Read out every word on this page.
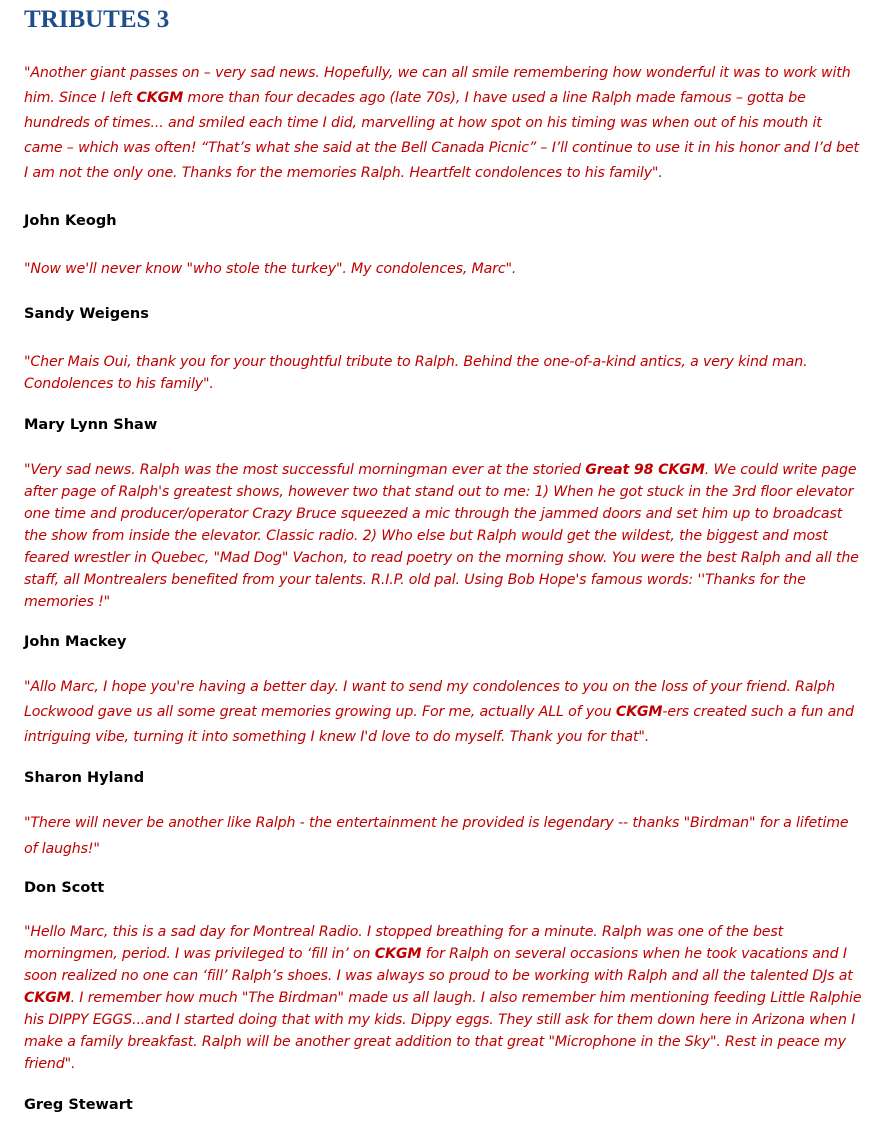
TRIBUTES 3

"Another giant passes on – very sad news. Hopefully, we can all smile remembering how wonderful it was to work with him. Since I left CKGM more than four decades ago (late 70s), I have used a line Ralph made famous – gotta be hundreds of times... and smiled each time I did, marvelling at how spot on his timing was when out of his mouth it came – which was often! “That’s what she said at the Bell Canada Picnic” – I’ll continue to use it in his honor and I’d bet I am not the only one. Thanks for the memories Ralph. Heartfelt condolences to his family".

John Keogh

"Now we'll never know "who stole the turkey". My condolences, Marc".

Sandy Weigens

"Cher Mais Oui, thank you for your thoughtful tribute to Ralph. Behind the one-of-a-kind antics, a very kind man. Condolences to his family".

Mary Lynn Shaw

"Very sad news. Ralph was the most successful morningman ever at the storied Great 98 CKGM. We could write page after page of Ralph's greatest shows, however two that stand out to me: 1) When he got stuck in the 3rd floor elevator one time and producer/operator Crazy Bruce squeezed a mic through the jammed doors and set him up to broadcast the show from inside the elevator. Classic radio. 2) Who else but Ralph would get the wildest, the biggest and most feared wrestler in Quebec, "Mad Dog" Vachon, to read poetry on the morning show. You were the best Ralph and all the staff, all Montrealers benefited from your talents. R.I.P. old pal. Using Bob Hope's famous words: ''Thanks for the memories !"

John Mackey

"Allo Marc, I hope you're having a better day. I want to send my condolences to you on the loss of your friend. Ralph Lockwood gave us all some great memories growing up. For me, actually ALL of you CKGM-ers created such a fun and intriguing vibe, turning it into something I knew I'd love to do myself. Thank you for that".

Sharon Hyland

"There will never be another like Ralph - the entertainment he provided is legendary -- thanks "Birdman" for a lifetime of laughs!"

Don Scott

"Hello Marc, this is a sad day for Montreal Radio. I stopped breathing for a minute. Ralph was one of the best morningmen, period. I was privileged to ‘fill in’ on CKGM for Ralph on several occasions when he took vacations and I soon realized no one can ‘fill’ Ralph’s shoes. I was always so proud to be working with Ralph and all the talented DJs at CKGM. I remember how much "The Birdman" made us all laugh. I also remember him mentioning feeding Little Ralphie his DIPPY EGGS...and I started doing that with my kids. Dippy eggs. They still ask for them down here in Arizona when I make a family breakfast. Ralph will be another great addition to that great "Microphone in the Sky". Rest in peace my friend".

Greg Stewart
